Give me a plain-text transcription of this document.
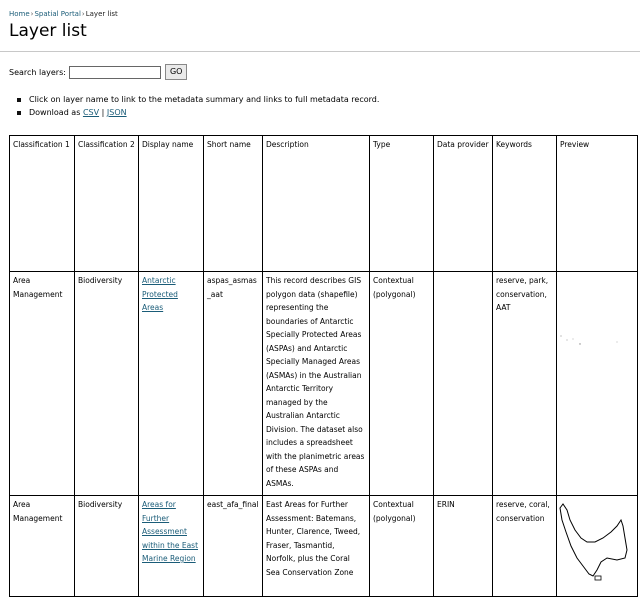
Home›Spatial Portal›Layer list
Layer list
Search layers:	GO
Click on layer name to link to the metadata summary and links to full metadata record.
Download as CSV | JSON
Classification 1	Classification 2	Display name	Short name	Description	Type	Data provider	Keywords	Preview
Area Management	Biodiversity	Antarctic Protected Areas	aspas_asmas_aat	This record describes GIS polygon data (shapefile) representing the boundaries of Antarctic Specially Protected Areas (ASPAs) and Antarctic Specially Managed Areas (ASMAs) in the Australian Antarctic Territory managed by the Australian Antarctic Division. The dataset also includes a spreadsheet with the planimetric areas of these ASPAs and ASMAs.	Contextual (polygonal)		reserve, park, conservation, AAT	

Area Management	Biodiversity	Areas for Further Assessment within the East Marine Region	east_afa_final	East Areas for Further Assessment: Batemans, Hunter, Clarence, Tweed, Fraser, Tasmantid, Norfolk, plus the Coral Sea Conservation Zone	Contextual (polygonal)	ERIN	reserve, coral, conservation	
